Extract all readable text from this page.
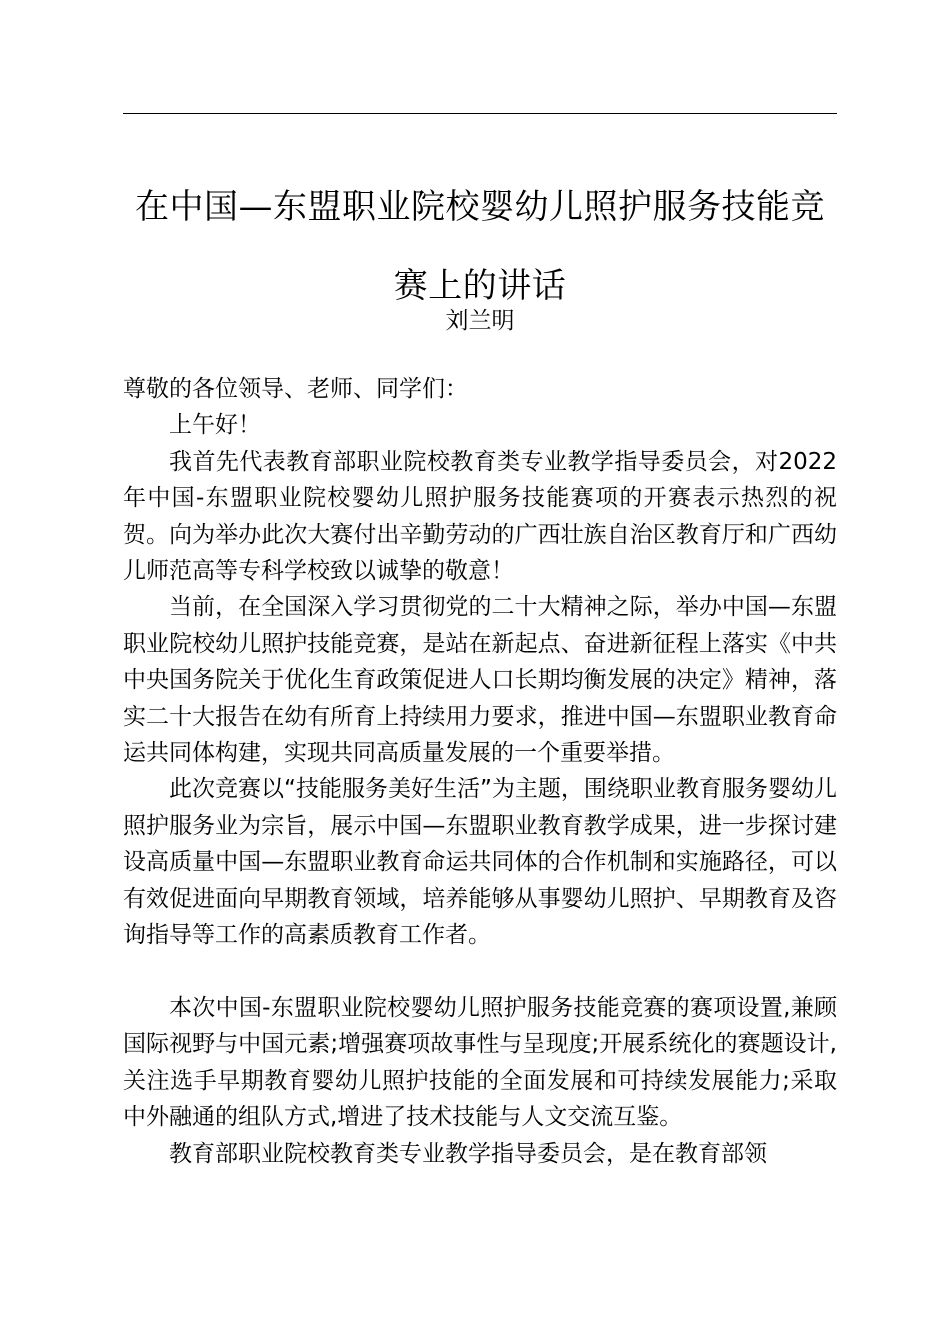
在中国—东盟职业院校婴幼儿照护服务技能竞赛上的讲话

刘兰明

尊敬的各位领导、老师、同学们：

上午好！

我首先代表教育部职业院校教育类专业教学指导委员会，对2022年中国-东盟职业院校婴幼儿照护服务技能赛项的开赛表示热烈的祝贺。向为举办此次大赛付出辛勤劳动的广西壮族自治区教育厅和广西幼儿师范高等专科学校致以诚挚的敬意！

当前，在全国深入学习贯彻党的二十大精神之际，举办中国—东盟职业院校幼儿照护技能竞赛，是站在新起点、奋进新征程上落实《中共中央国务院关于优化生育政策促进人口长期均衡发展的决定》精神，落实二十大报告在幼有所育上持续用力要求，推进中国—东盟职业教育命运共同体构建，实现共同高质量发展的一个重要举措。

此次竞赛以“技能服务美好生活”为主题，围绕职业教育服务婴幼儿照护服务业为宗旨，展示中国—东盟职业教育教学成果，进一步探讨建设高质量中国—东盟职业教育命运共同体的合作机制和实施路径，可以有效促进面向早期教育领域，培养能够从事婴幼儿照护、早期教育及咨询指导等工作的高素质教育工作者。

本次中国-东盟职业院校婴幼儿照护服务技能竞赛的赛项设置,兼顾国际视野与中国元素;增强赛项故事性与呈现度;开展系统化的赛题设计,关注选手早期教育婴幼儿照护技能的全面发展和可持续发展能力;采取中外融通的组队方式,增进了技术技能与人文交流互鉴。

教育部职业院校教育类专业教学指导委员会，是在教育部领
